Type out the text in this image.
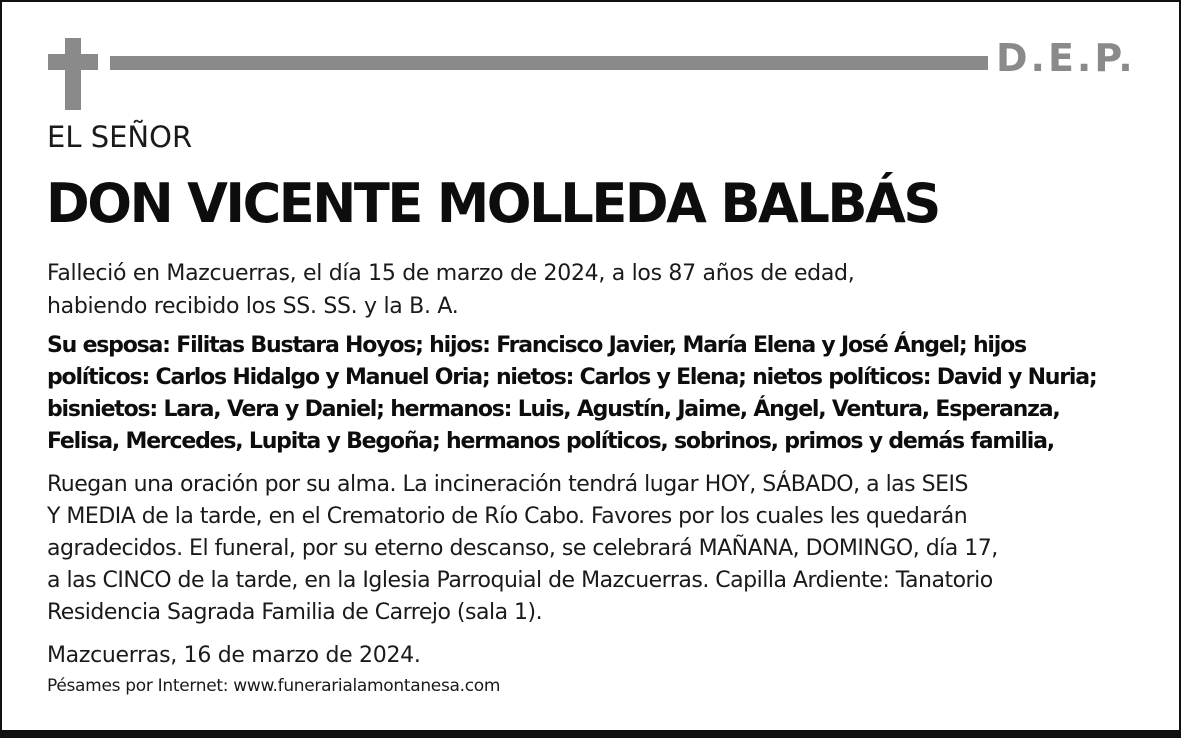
D.E.P.
EL SEÑOR
DON VICENTE MOLLEDA BALBÁS
Falleció en Mazcuerras, el día 15 de marzo de 2024, a los 87 años de edad,
habiendo recibido los SS. SS. y la B. A.
Su esposa: Filitas Bustara Hoyos; hijos: Francisco Javier, María Elena y José Ángel; hijos
políticos: Carlos Hidalgo y Manuel Oria; nietos: Carlos y Elena; nietos políticos: David y Nuria;
bisnietos: Lara, Vera y Daniel; hermanos: Luis, Agustín, Jaime, Ángel, Ventura, Esperanza,
Felisa, Mercedes, Lupita y Begoña; hermanos políticos, sobrinos, primos y demás familia,
Ruegan una oración por su alma. La incineración tendrá lugar HOY, SÁBADO, a las SEIS
Y MEDIA de la tarde, en el Crematorio de Río Cabo. Favores por los cuales les quedarán
agradecidos. El funeral, por su eterno descanso, se celebrará MAÑANA, DOMINGO, día 17,
a las CINCO de la tarde, en la Iglesia Parroquial de Mazcuerras. Capilla Ardiente: Tanatorio
Residencia Sagrada Familia de Carrejo (sala 1).
Mazcuerras, 16 de marzo de 2024.
Pésames por Internet: www.funerarialamontanesa.com
